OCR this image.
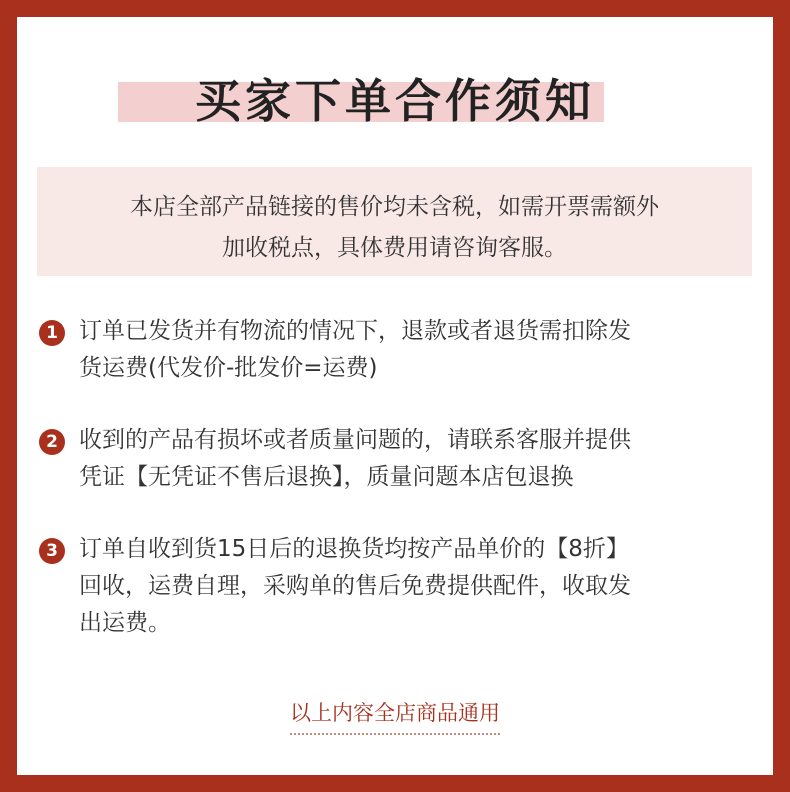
买家下单合作须知
本店全部产品链接的售价均未含税，如需开票需额外
加收税点，具体费用请咨询客服。
1 订单已发货并有物流的情况下，退款或者退货需扣除发
货运费(代发价-批发价=运费)
2 收到的产品有损坏或者质量问题的，请联系客服并提供
凭证【无凭证不售后退换】，质量问题本店包退换
3 订单自收到货15日后的退换货均按产品单价的【8折】
回收，运费自理，采购单的售后免费提供配件，收取发
出运费。
以上内容全店商品通用
